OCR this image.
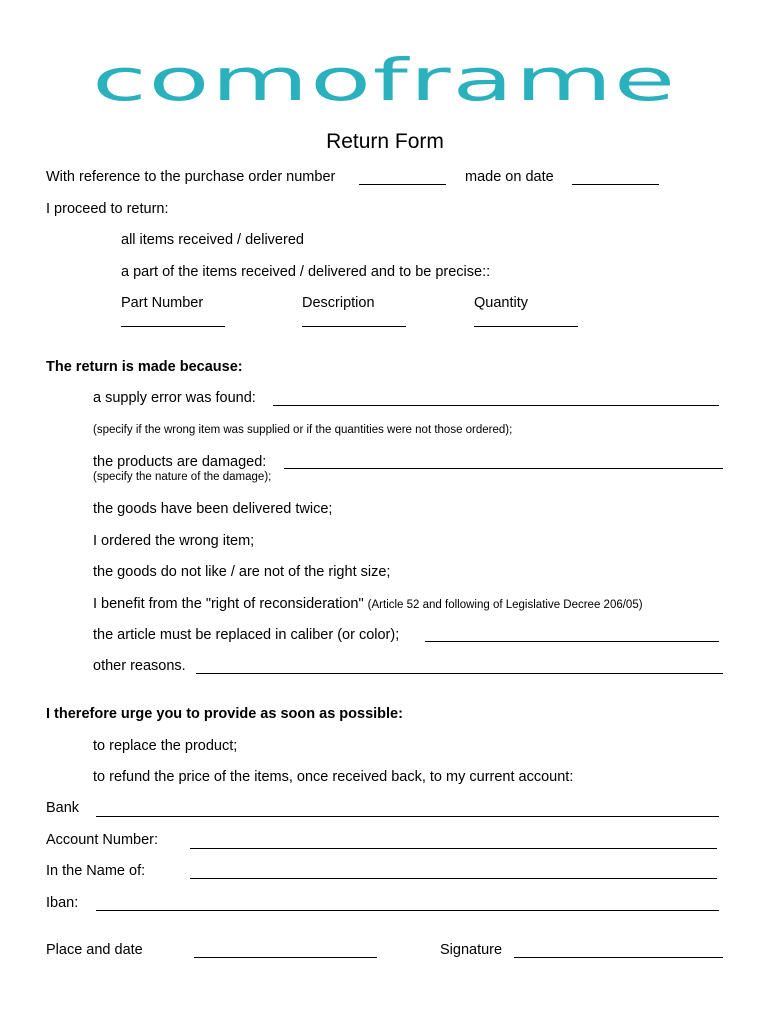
comoframe
Return Form
With reference to the purchase order number	made on date
I proceed to return:
all items received / delivered
a part of the items received / delivered and to be precise::
Part Number	Description	Quantity
The return is made because:
a supply error was found:
(specify if the wrong item was supplied or if the quantities were not those ordered);
the products are damaged:
(specify the nature of the damage);
the goods have been delivered twice;
I ordered the wrong item;
the goods do not like / are not of the right size;
I benefit from the "right of reconsideration" (Article 52 and following of Legislative Decree 206/05)
the article must be replaced in caliber (or color);
other reasons.
I therefore urge you to provide as soon as possible:
to replace the product;
to refund the price of the items, once received back, to my current account:
Bank
Account Number:
In the Name of:
Iban:
Place and date	Signature
